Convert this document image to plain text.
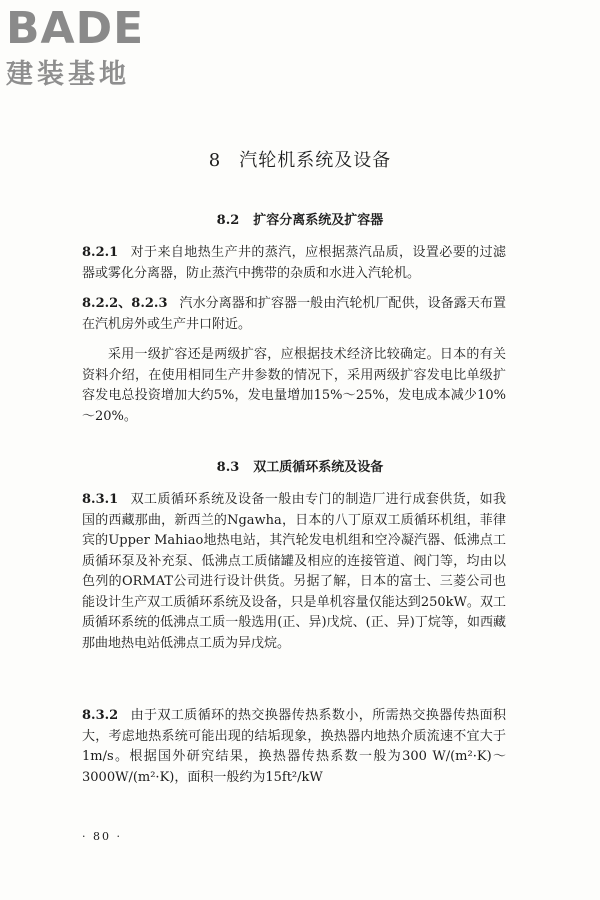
BADE
建装基地
8 汽轮机系统及设备
8.2 扩容分离系统及扩容器

8.2.1 对于来自地热生产井的蒸汽，应根据蒸汽品质，设置必要的过滤器或雾化分离器，防止蒸汽中携带的杂质和水进入汽轮机。

8.2.2、8.2.3 汽水分离器和扩容器一般由汽轮机厂配供，设备露天布置在汽机房外或生产井口附近。

采用一级扩容还是两级扩容，应根据技术经济比较确定。日本的有关资料介绍，在使用相同生产井参数的情况下，采用两级扩容发电比单级扩容发电总投资增加大约5%，发电量增加15%～25%，发电成本减少10%～20%。

8.3 双工质循环系统及设备

8.3.1 双工质循环系统及设备一般由专门的制造厂进行成套供货，如我国的西藏那曲，新西兰的Ngawha，日本的八丁原双工质循环机组，菲律宾的Upper Mahiao地热电站，其汽轮发电机组和空冷凝汽器、低沸点工质循环泵及补充泵、低沸点工质储罐及相应的连接管道、阀门等，均由以色列的ORMAT公司进行设计供货。另据了解，日本的富士、三菱公司也能设计生产双工质循环系统及设备，只是单机容量仅能达到250kW。双工质循环系统的低沸点工质一般选用(正、异)戊烷、(正、异)丁烷等，如西藏那曲地热电站低沸点工质为异戊烷。

8.3.2 由于双工质循环的热交换器传热系数小，所需热交换器传热面积大，考虑地热系统可能出现的结垢现象，换热器内地热介质流速不宜大于1m/s。根据国外研究结果，换热器传热系数一般为300 W/(m²·K)～3000W/(m²·K)，面积一般约为15ft²/kW

· 80 ·
